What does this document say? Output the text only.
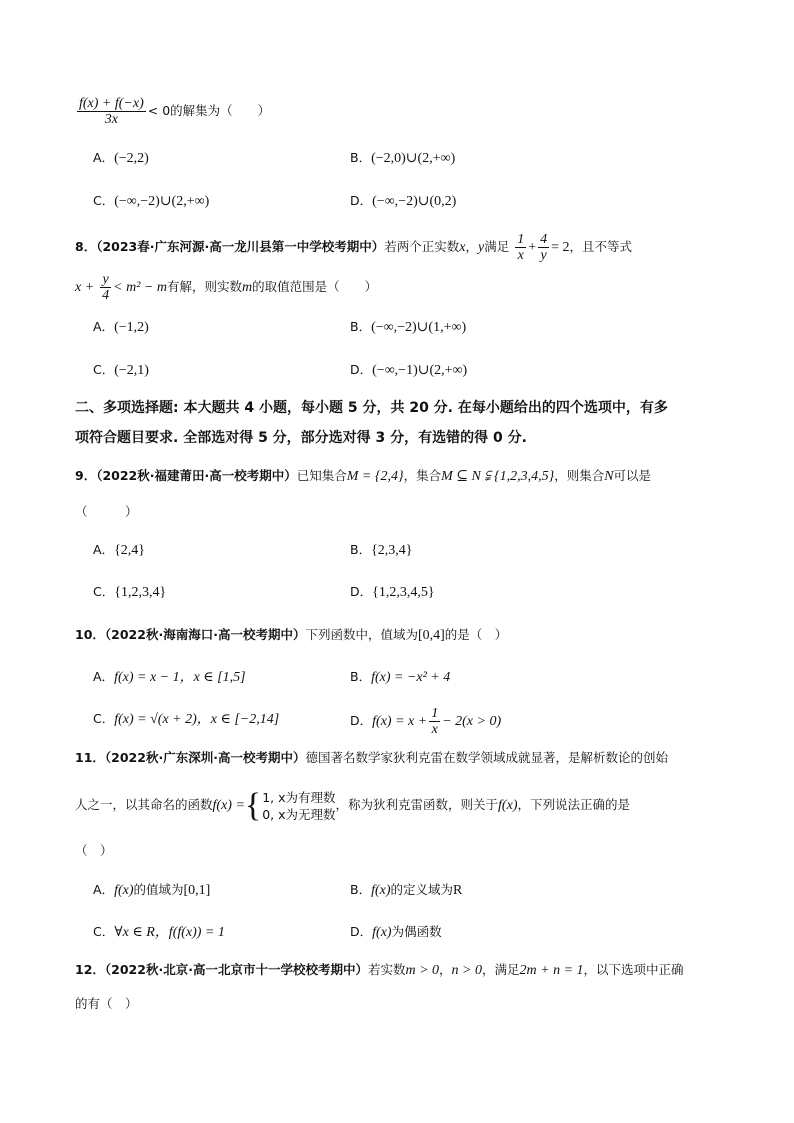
$\frac{f(x) + f(-x)}{3x} < 0$的解集为（　　）
A．(−2,2)	B．(−2,0)∪(2,+∞)
C．(−∞,−2)∪(2,+∞)	D．(−∞,−2)∪(0,2)
8．（2023春·广东河源·高一龙川县第一中学校考期中）若两个正实数x，y满足 $\frac{1}{x} + \frac{4}{y} = 2$，且不等式
$x + \frac{y}{4} < m^2 - m$有解，则实数m的取值范围是（　　）
A．(−1,2)	B．(−∞,−2)∪(1,+∞)
C．(−2,1)	D．(−∞,−1)∪(2,+∞)
二、多项选择题: 本大题共 4 小题，每小题 5 分，共 20 分. 在每小题给出的四个选项中，有多
项符合题目要求. 全部选对得 5 分，部分选对得 3 分，有选错的得 0 分.
9．（2022秋·福建莆田·高一校考期中）已知集合M = {2,4}，集合M ⊆ N ⫋ {1,2,3,4,5}，则集合N可以是
（　　　）
A．{2,4}	B．{2,3,4}
C．{1,2,3,4}	D．{1,2,3,4,5}
10．（2022秋·海南海口·高一校考期中）下列函数中，值域为[0,4]的是（　）
A．f(x) = x − 1，x ∈ [1,5]	B．f(x) = −x² + 4
C．f(x) = √(x + 2)，x ∈ [−2,14]	D．$f(x) = x + \frac{1}{x} - 2(x > 0)$
11．（2022秋·广东深圳·高一校考期中）德国著名数学家狄利克雷在数学领域成就显著，是解析数论的创始
人之一，以其命名的函数f(x) ={ 1, x为有理数
0, x为无理数
，称为狄利克雷函数，则关于f(x)，下列说法正确的是
（　）
A．f(x)的值域为[0,1]	B．f(x)的定义域为R
C．∀x ∈ R，f(f(x)) = 1	D．f(x)为偶函数
12．（2022秋·北京·高一北京市十一学校校考期中）若实数m > 0，n > 0，满足2m + n = 1，以下选项中正确
的有（　）
